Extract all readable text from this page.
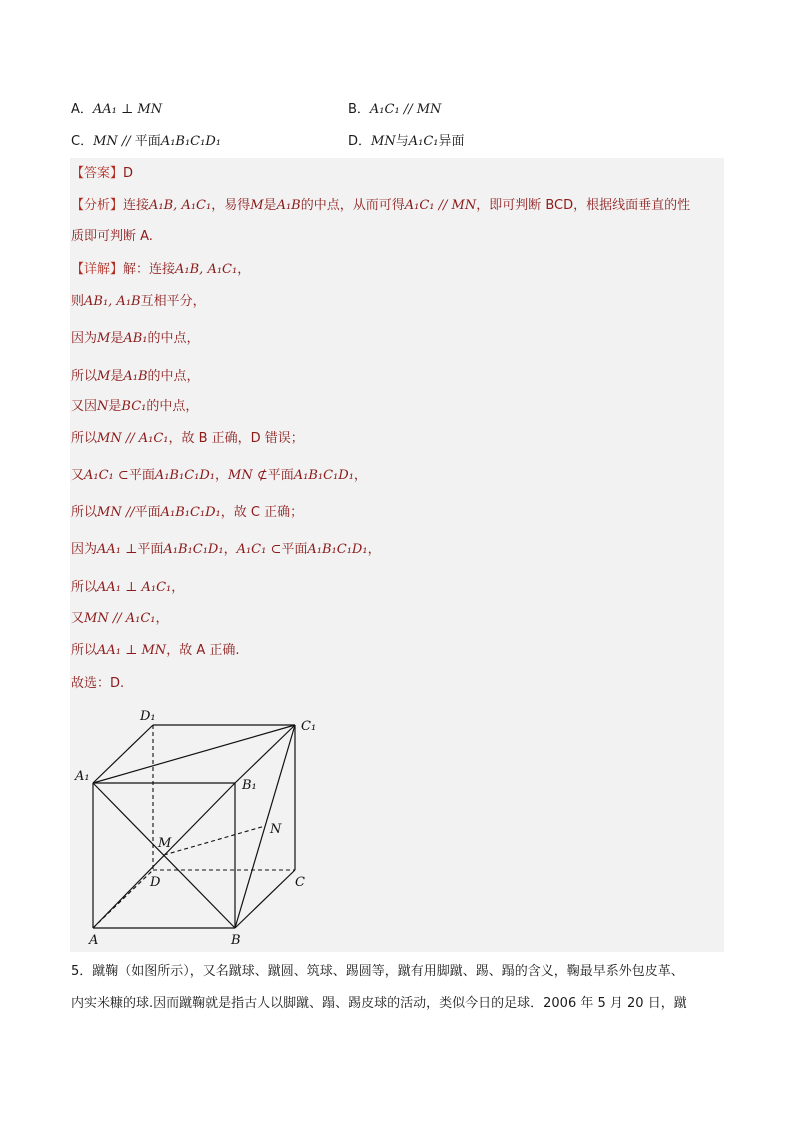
A．AA₁ ⊥ MN	B．A₁C₁ // MN
C．MN // 平面A₁B₁C₁D₁	D．MN与A₁C₁异面
【答案】D
【分析】连接A₁B, A₁C₁，易得M是A₁B的中点，从而可得A₁C₁ // MN，即可判断 BCD，根据线面垂直的性
质即可判断 A.
【详解】解：连接A₁B, A₁C₁，
则AB₁, A₁B互相平分，
因为M是AB₁的中点，
所以M是A₁B的中点，
又因N是BC₁的中点，
所以MN // A₁C₁，故 B 正确，D 错误；
又A₁C₁ ⊂平面A₁B₁C₁D₁，MN ⊄平面A₁B₁C₁D₁，
所以MN //平面A₁B₁C₁D₁，故 C 正确；
因为AA₁ ⊥平面A₁B₁C₁D₁，A₁C₁ ⊂平面A₁B₁C₁D₁，
所以AA₁ ⊥ A₁C₁，
又MN // A₁C₁，
所以AA₁ ⊥ MN，故 A 正确.
故选：D.
D₁
C₁
A₁
B₁
M
N
D	C
A	B
5．蹴鞠（如图所示），又名蹴球、蹴圆、筑球、踢圆等，蹴有用脚蹴、踢、蹋的含义，鞠最早系外包皮革、
内实米糠的球.因而蹴鞠就是指古人以脚蹴、蹋、踢皮球的活动，类似今日的足球．2006 年 5 月 20 日，蹴
